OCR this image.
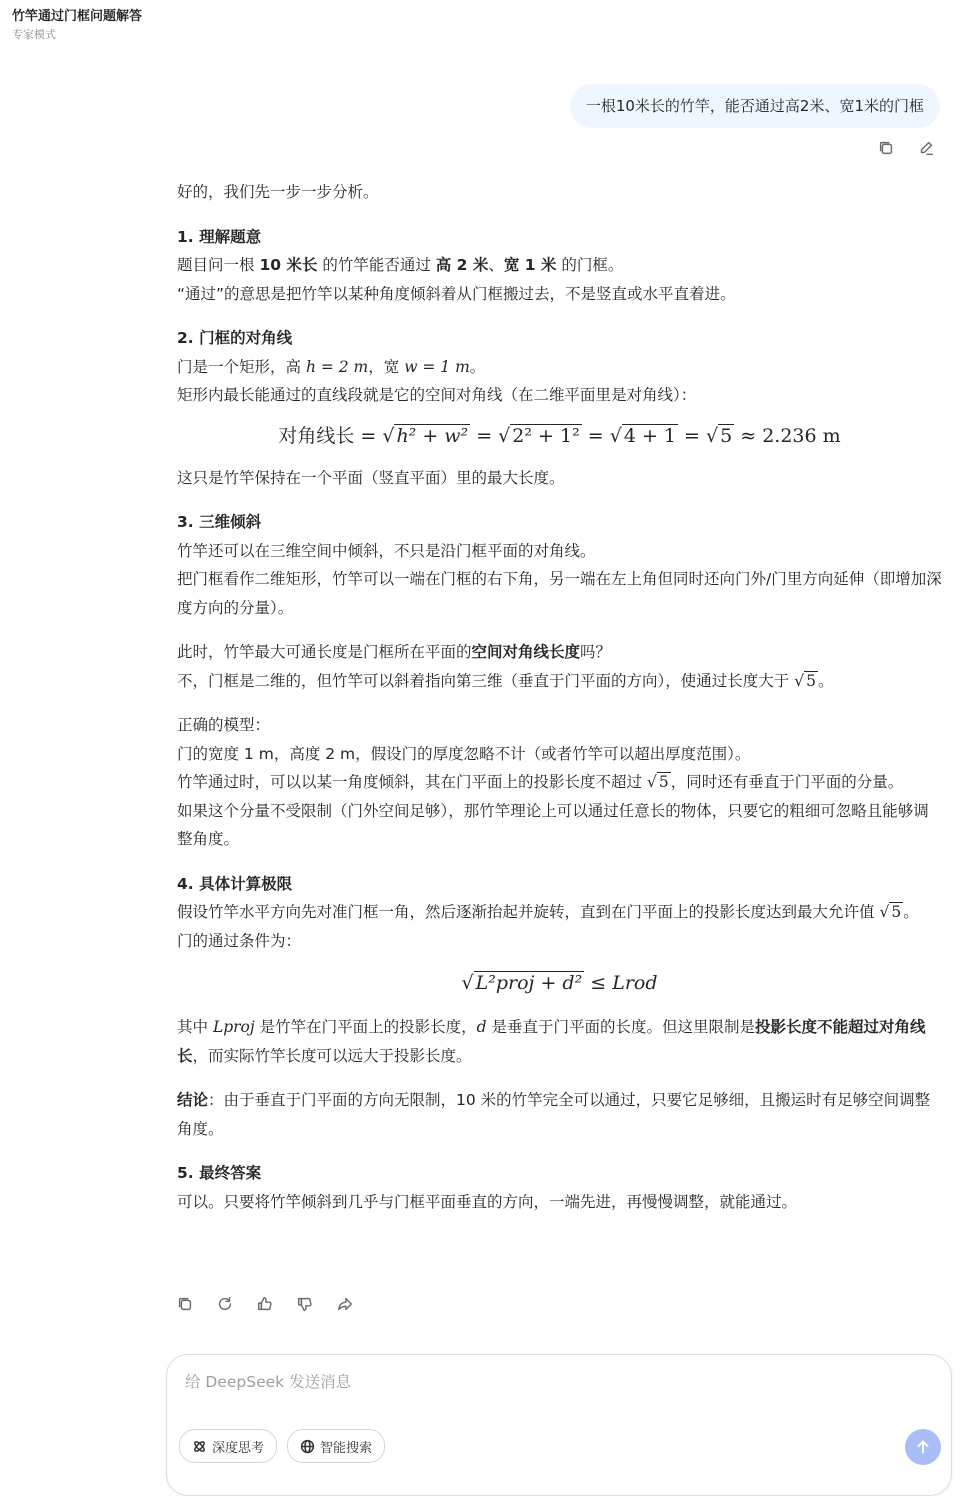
竹竿通过门框问题解答
专家模式
一根10米长的竹竿，能否通过高2米、宽1米的门框

好的，我们先一步一步分析。

1. 理解题意

题目问一根 10 米长 的竹竿能否通过 高 2 米、宽 1 米 的门框。

“通过”的意思是把竹竿以某种角度倾斜着从门框搬过去，不是竖直或水平直着进。

2. 门框的对角线

门是一个矩形，高 h = 2 m，宽 w = 1 m。

矩形内最长能通过的直线段就是它的空间对角线（在二维平面里是对角线）：

对角线长 = √ h² + w² = √ 2² + 1² = √ 4 + 1 = √ 5 ≈ 2.236 m

这只是竹竿保持在一个平面（竖直平面）里的最大长度。

3. 三维倾斜

竹竿还可以在三维空间中倾斜，不只是沿门框平面的对角线。

把门框看作二维矩形，竹竿可以一端在门框的右下角，另一端在左上角但同时还向门外/门里方向延伸（即增加深度方向的分量）。

此时，竹竿最大可通长度是门框所在平面的空间对角线长度吗？

不，门框是二维的，但竹竿可以斜着指向第三维（垂直于门平面的方向），使通过长度大于 √ 5 。

正确的模型：

门的宽度 1 m，高度 2 m，假设门的厚度忽略不计（或者竹竿可以超出厚度范围）。

竹竿通过时，可以以某一角度倾斜，其在门平面上的投影长度不超过 √ 5 ，同时还有垂直于门平面的分量。

如果这个分量不受限制（门外空间足够），那竹竿理论上可以通过任意长的物体，只要它的粗细可忽略且能够调整角度。

4. 具体计算极限

假设竹竿水平方向先对准门框一角，然后逐渐抬起并旋转，直到在门平面上的投影长度达到最大允许值 √ 5 。

门的通过条件为：

√ L²proj + d² ≤ Lrod

其中 Lproj 是竹竿在门平面上的投影长度，d 是垂直于门平面的长度。但这里限制是投影长度不能超过对角线长，而实际竹竿长度可以远大于投影长度。

结论：由于垂直于门平面的方向无限制，10 米的竹竿完全可以通过，只要它足够细，且搬运时有足够空间调整角度。

5. 最终答案

可以。只要将竹竿倾斜到几乎与门框平面垂直的方向，一端先进，再慢慢调整，就能通过。

给 DeepSeek 发送消息
深度思考	智能搜索
